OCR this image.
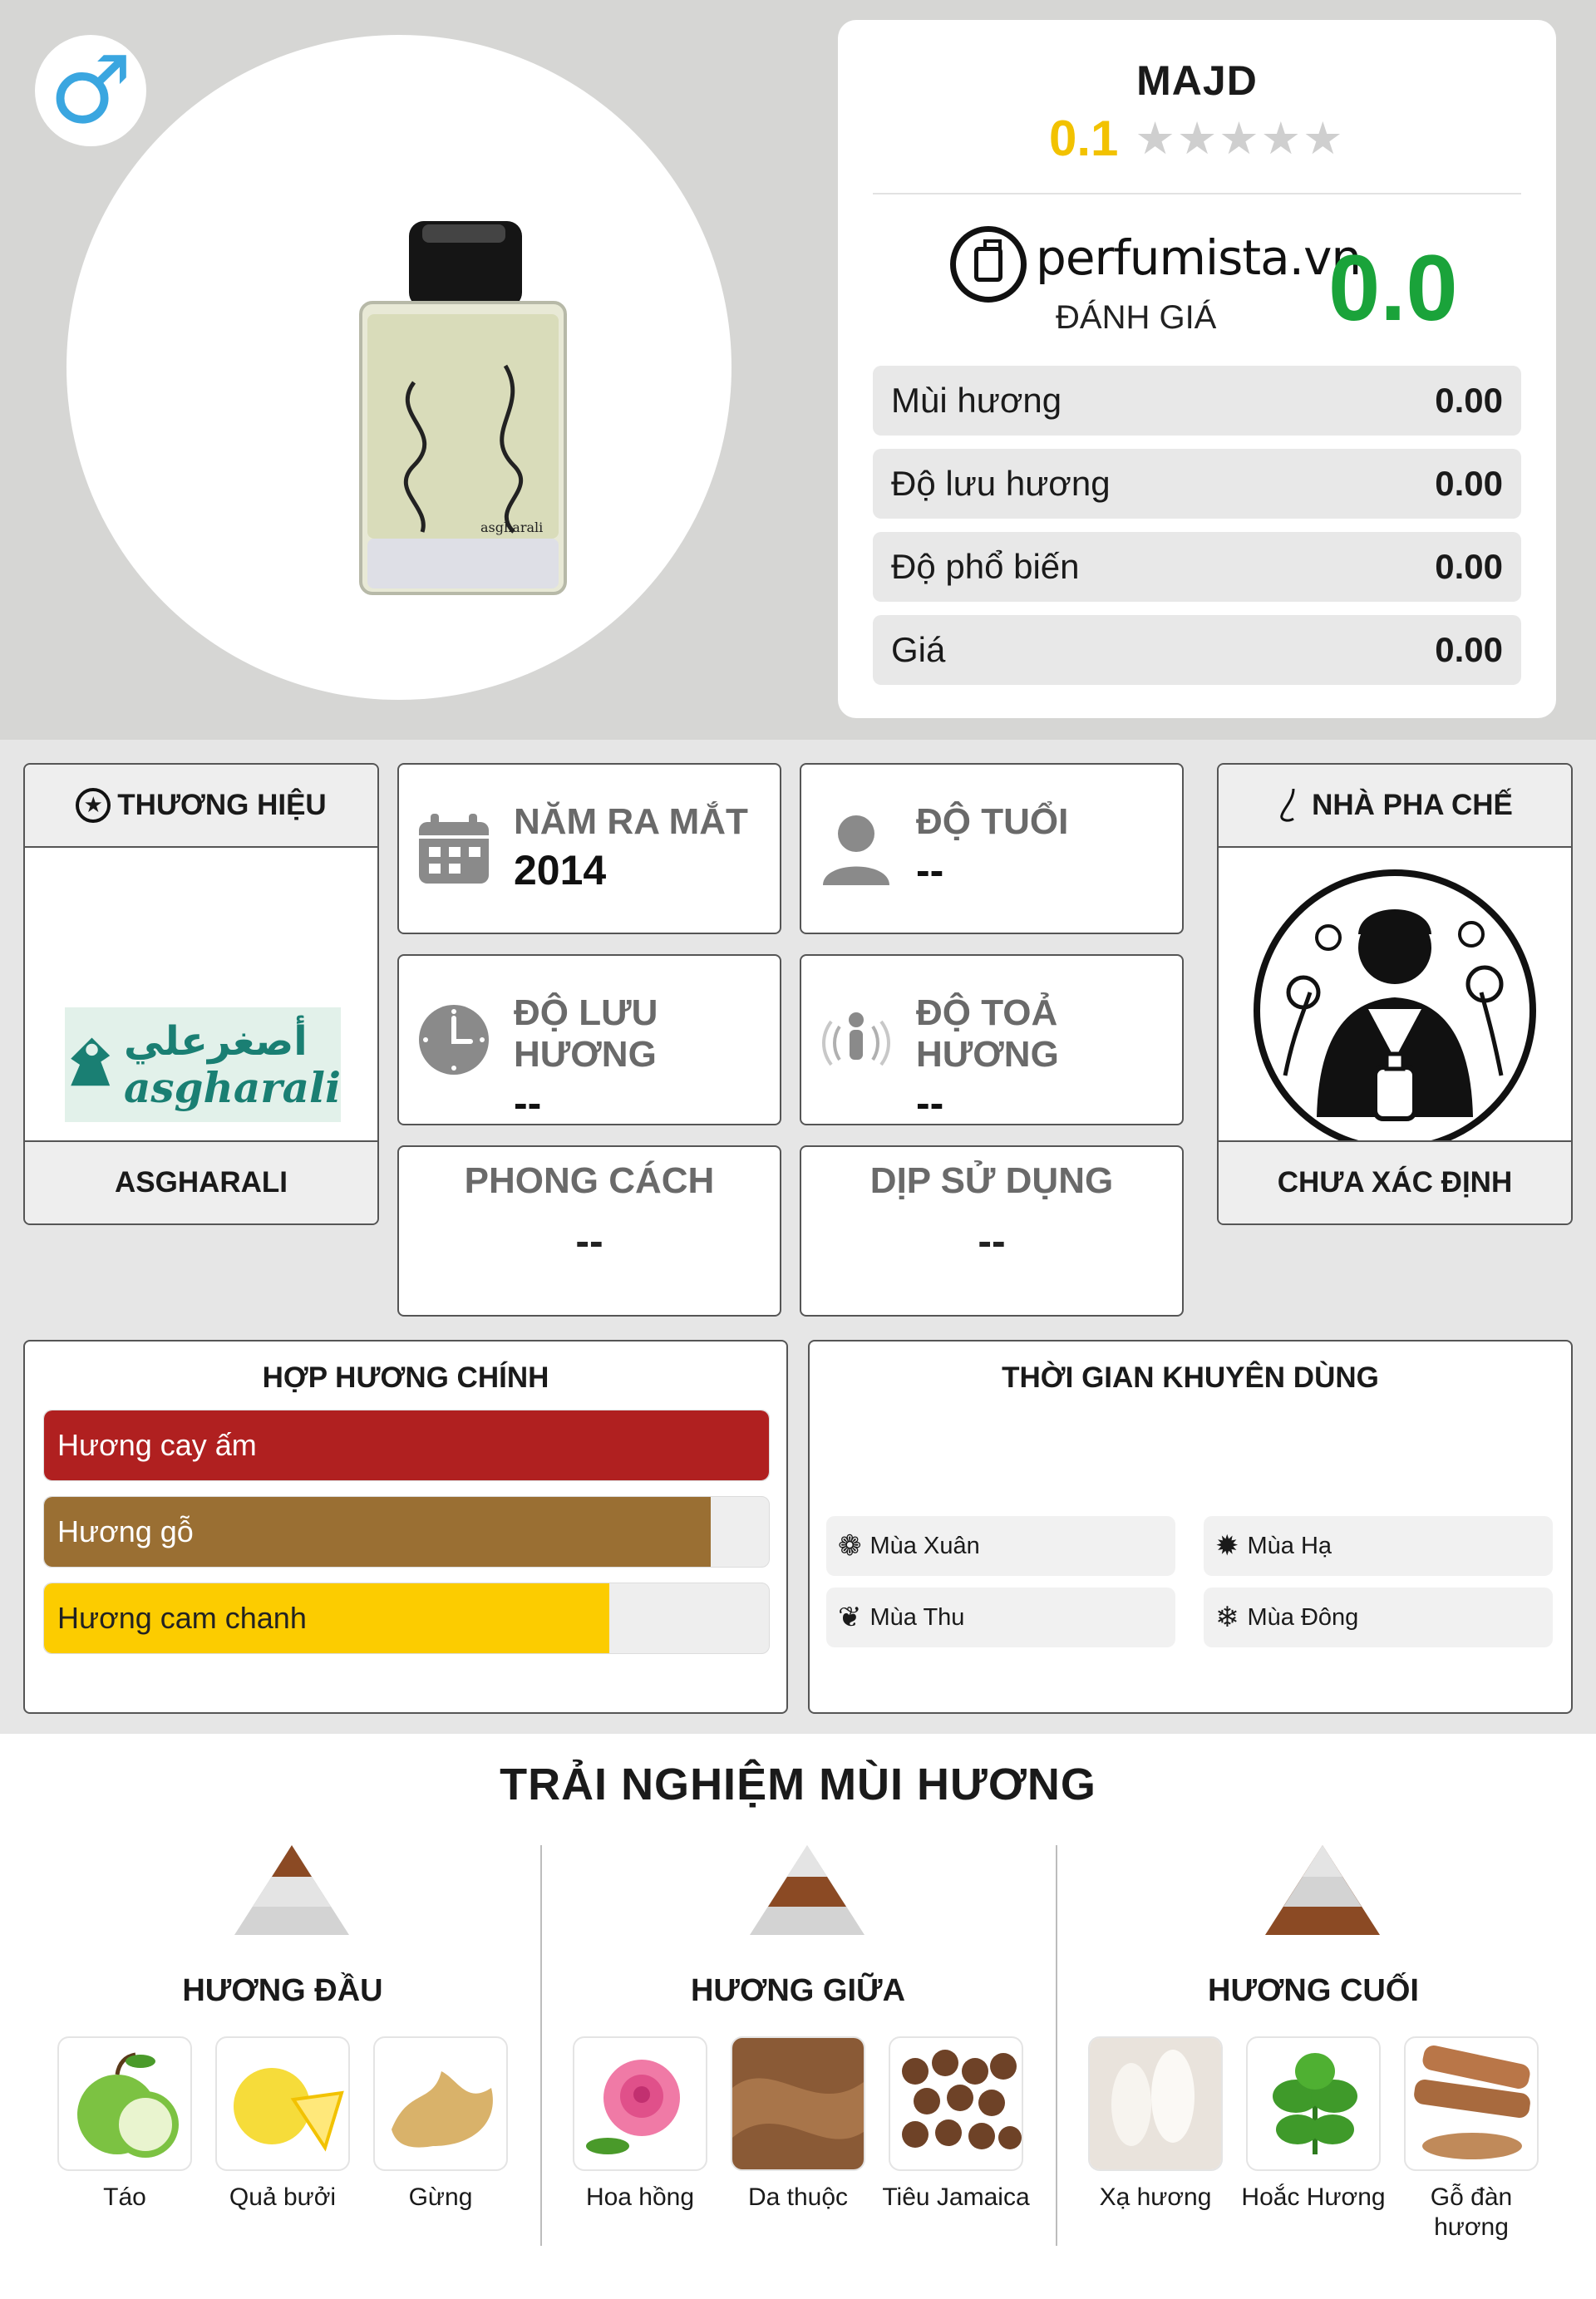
asgharali
♂	MAJD
0.1 ★★★★★
perfumista.vn
ĐÁNH GIÁ 0.0
Mùi hương	0.00
Độ lưu hương	0.00
Độ phổ biến	0.00
Giá	0.00
★ THƯƠNG HIỆU
أصغرعلي
asgharali
ASGHARALI
NĂM RA MẮT
2014
ĐỘ TUỔI
--
ĐỘ LƯU HƯƠNG
--
ĐỘ TOẢ HƯƠNG
--
PHONG CÁCH
--
DỊP SỬ DỤNG
--
NHÀ PHA CHẾ
CHƯA XÁC ĐỊNH
HỢP HƯƠNG CHÍNH
Hương cay ấm
Hương gỗ
Hương cam chanh
THỜI GIAN KHUYÊN DÙNG
❁ Mùa Xuân	✹ Mùa Hạ
❦ Mùa Thu	❄ Mùa Đông
TRẢI NGHIỆM MÙI HƯƠNG
HƯƠNG ĐẦU
Táo	Quả bưởi	Gừng
HƯƠNG GIỮA
Hoa hồng	Da thuộc	Tiêu Jamaica
HƯƠNG CUỐI
Xạ hương	Hoắc Hương	Gỗ đàn hương
